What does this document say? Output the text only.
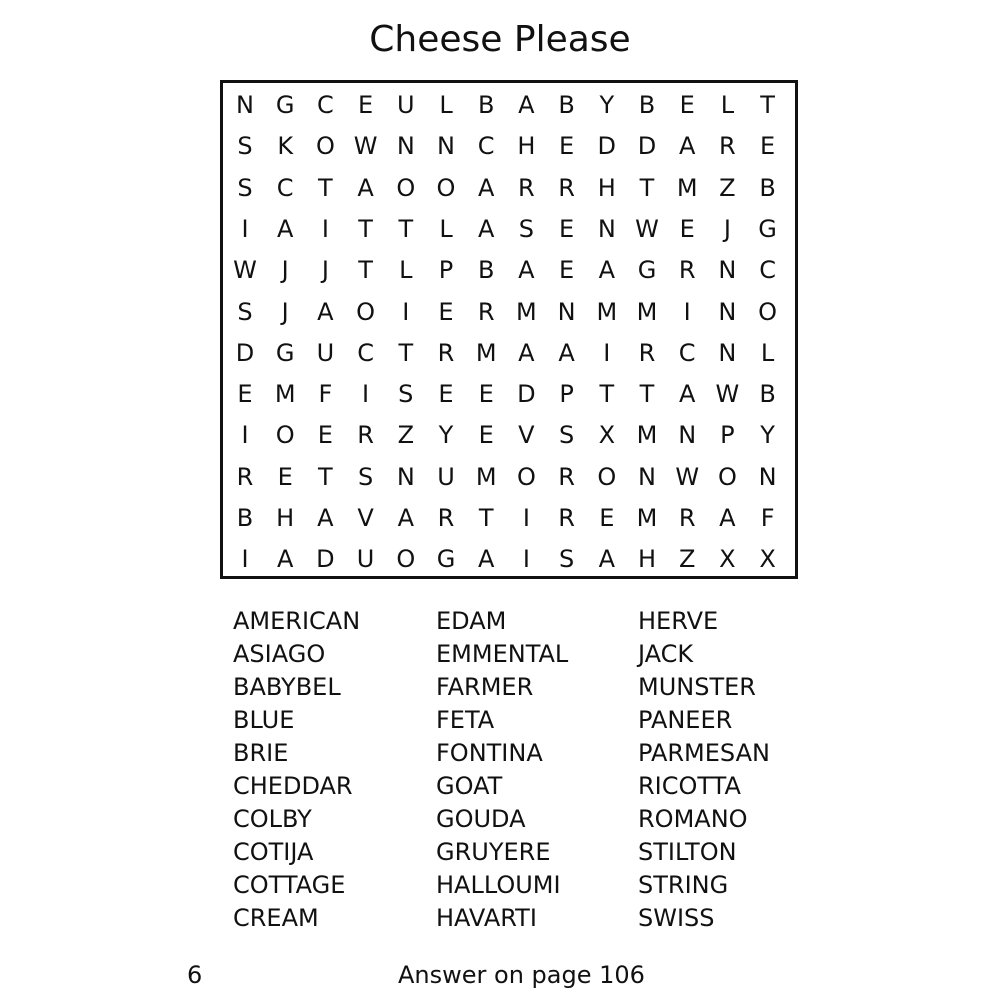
Cheese Please
N G C	E U	L	B A B	Y	B	E	L	T
S	K O W N N C H E D D A R	E
S	C	T	A O O A R R H T M Z B
I	A	I	T	T	L	A	S	E N W E	J	G
W	J	J	T	L	P	B A	E	A G R N C
S	J	A O	I	E	R M N M M	I	N O
D G U C	T	R M A A	I	R C N	L
E M F	I	S	E	E D P	T	T	A W B
I	O E	R Z	Y	E	V	S	X M N P	Y
R	E	T	S N U M O R O N W O N
B H A V A R	T	I	R	E M R A	F
I	A D U O G A	I	S	A H Z X X
AMERICAN
ASIAGO
BABYBEL
BLUE
BRIE
CHEDDAR
COLBY
COTIJA
COTTAGE
CREAM
EDAM
EMMENTAL
FARMER
FETA
FONTINA
GOAT
GOUDA
GRUYERE
HALLOUMI
HAVARTI
HERVE
JACK
MUNSTER
PANEER
PARMESAN
RICOTTA
ROMANO
STILTON
STRING
SWISS
6	Answer on page 106
